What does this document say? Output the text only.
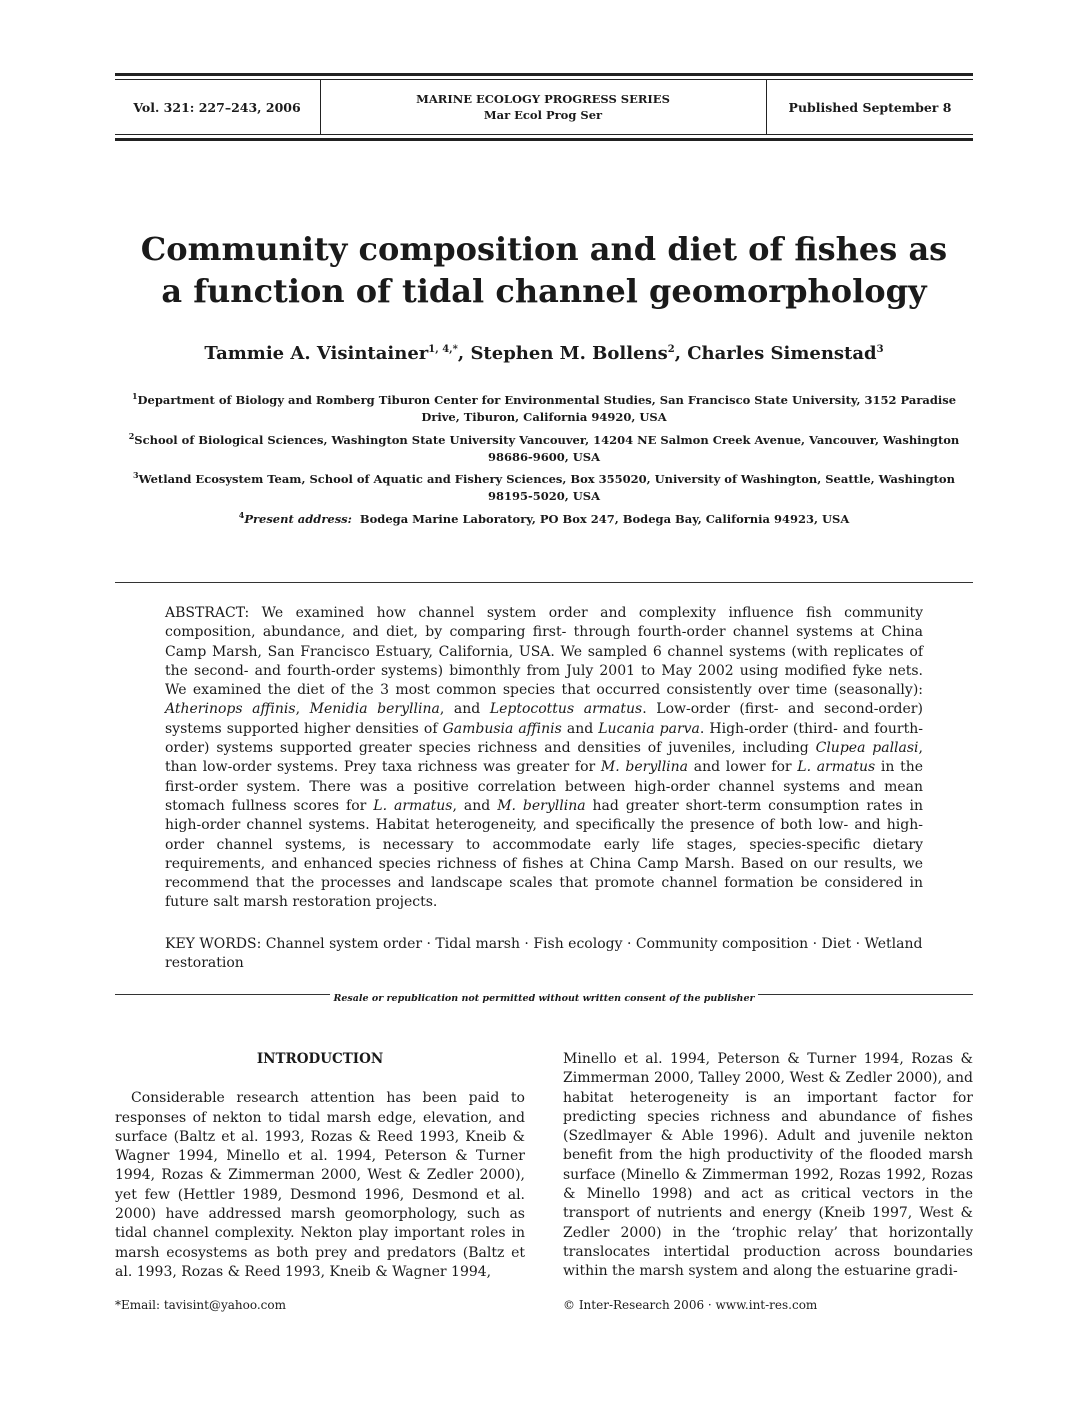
Vol. 321: 227–243, 2006
MARINE ECOLOGY PROGRESS SERIES
Mar Ecol Prog Ser
Published September 8
Community composition and diet of fishes as
a function of tidal channel geomorphology
Tammie A. Visintainer$^{1, 4,*}$, Stephen M. Bollens$^2$, Charles Simenstad$^3$
$^1$Department of Biology and Romberg Tiburon Center for Environmental Studies, San Francisco State University, 3152 Paradise Drive, Tiburon, California 94920, USA
$^2$School of Biological Sciences, Washington State University Vancouver, 14204 NE Salmon Creek Avenue, Vancouver, Washington 98686-9600, USA
$^3$Wetland Ecosystem Team, School of Aquatic and Fishery Sciences, Box 355020, University of Washington, Seattle, Washington 98195-5020, USA
$^4$Present address: Bodega Marine Laboratory, PO Box 247, Bodega Bay, California 94923, USA

ABSTRACT: We examined how channel system order and complexity influence fish community composition, abundance, and diet, by comparing first- through fourth-order channel systems at China Camp Marsh, San Francisco Estuary, California, USA. We sampled 6 channel systems (with replicates of the second- and fourth-order systems) bimonthly from July 2001 to May 2002 using modified fyke nets. We examined the diet of the 3 most common species that occurred consistently over time (seasonally): Atherinops affinis, Menidia beryllina, and Leptocottus armatus. Low-order (first- and second-order) systems supported higher densities of Gambusia affinis and Lucania parva. High-order (third- and fourth-order) systems supported greater species richness and densities of juveniles, including Clupea pallasi, than low-order systems. Prey taxa richness was greater for M. beryllina and lower for L. armatus in the first-order system. There was a positive correlation between high-order channel systems and mean stomach fullness scores for L. armatus, and M. beryllina had greater short-term consumption rates in high-order channel systems. Habitat heterogeneity, and specifically the presence of both low- and high-order channel systems, is necessary to accommodate early life stages, species-specific dietary requirements, and enhanced species richness of fishes at China Camp Marsh. Based on our results, we recommend that the processes and landscape scales that promote channel formation be considered in future salt marsh restoration projects.

KEY WORDS: Channel system order · Tidal marsh · Fish ecology · Community composition · Diet · Wetland restoration
Resale or republication not permitted without written consent of the publisher

INTRODUCTION

Considerable research attention has been paid to responses of nekton to tidal marsh edge, elevation, and surface (Baltz et al. 1993, Rozas & Reed 1993, Kneib & Wagner 1994, Minello et al. 1994, Peterson & Turner 1994, Rozas & Zimmerman 2000, West & Zedler 2000), yet few (Hettler 1989, Desmond 1996, Desmond et al. 2000) have addressed marsh geomorphology, such as tidal channel complexity. Nekton play important roles in marsh ecosystems as both prey and predators (Baltz et al. 1993, Rozas & Reed 1993, Kneib & Wagner 1994,

Minello et al. 1994, Peterson & Turner 1994, Rozas & Zimmerman 2000, Talley 2000, West & Zedler 2000), and habitat heterogeneity is an important factor for predicting species richness and abundance of fishes (Szedlmayer & Able 1996). Adult and juvenile nekton benefit from the high productivity of the flooded marsh surface (Minello & Zimmerman 1992, Rozas 1992, Rozas & Minello 1998) and act as critical vectors in the transport of nutrients and energy (Kneib 1997, West & Zedler 2000) in the ‘trophic relay’ that horizontally translocates intertidal production across boundaries within the marsh system and along the estuarine gradi-

*Email: tavisint@yahoo.com	© Inter-Research 2006 · www.int-res.com
